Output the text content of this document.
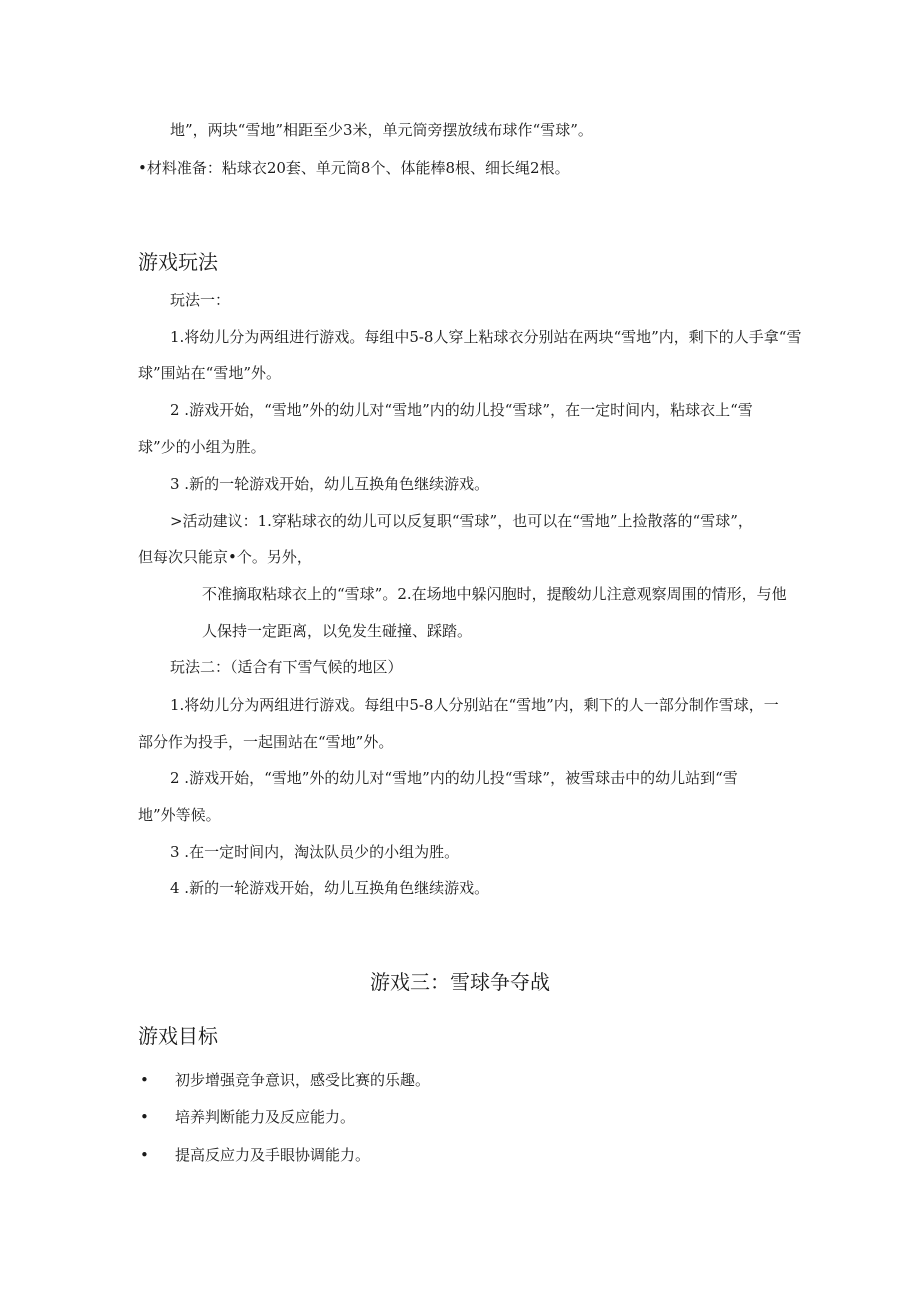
地”，两块“雪地”相距至少3米，单元筒旁摆放绒布球作“雪球”。
•材料准备：粘球衣20套、单元筒8个、体能棒8根、细长绳2根。
游戏玩法
玩法一：
1.将幼儿分为两组进行游戏。每组中5-8人穿上粘球衣分别站在两块“雪地”内，剩下的人手拿“雪
球”围站在“雪地”外。
2 .游戏开始，“雪地”外的幼儿对“雪地”内的幼儿投“雪球”，在一定时间内，粘球衣上“雪
球”少的小组为胜。
3 .新的一轮游戏开始，幼儿互换角色继续游戏。
>活动建议：1.穿粘球衣的幼儿可以反复职“雪球”，也可以在“雪地”上捡散落的“雪球”，
但每次只能京•个。另外，
不准摘取粘球衣上的“雪球”。2.在场地中躲闪胞时，提酸幼儿注意观察周围的情形，与他
人保持一定距离，以免发生碰撞、踩踏。
玩法二：（适合有下雪气候的地区）
1.将幼儿分为两组进行游戏。每组中5-8人分别站在“雪地”内，剩下的人一部分制作雪球，一
部分作为投手，一起围站在“雪地”外。
2 .游戏开始，“雪地”外的幼儿对“雪地”内的幼儿投“雪球”，被雪球击中的幼儿站到“雪
地”外等候。
3 .在一定时间内，淘汰队员少的小组为胜。
4 .新的一轮游戏开始，幼儿互换角色继续游戏。
游戏三：雪球争夺战
游戏目标
• 初步增强竞争意识，感受比赛的乐趣。
• 培养判断能力及反应能力。
• 提高反应力及手眼协调能力。
